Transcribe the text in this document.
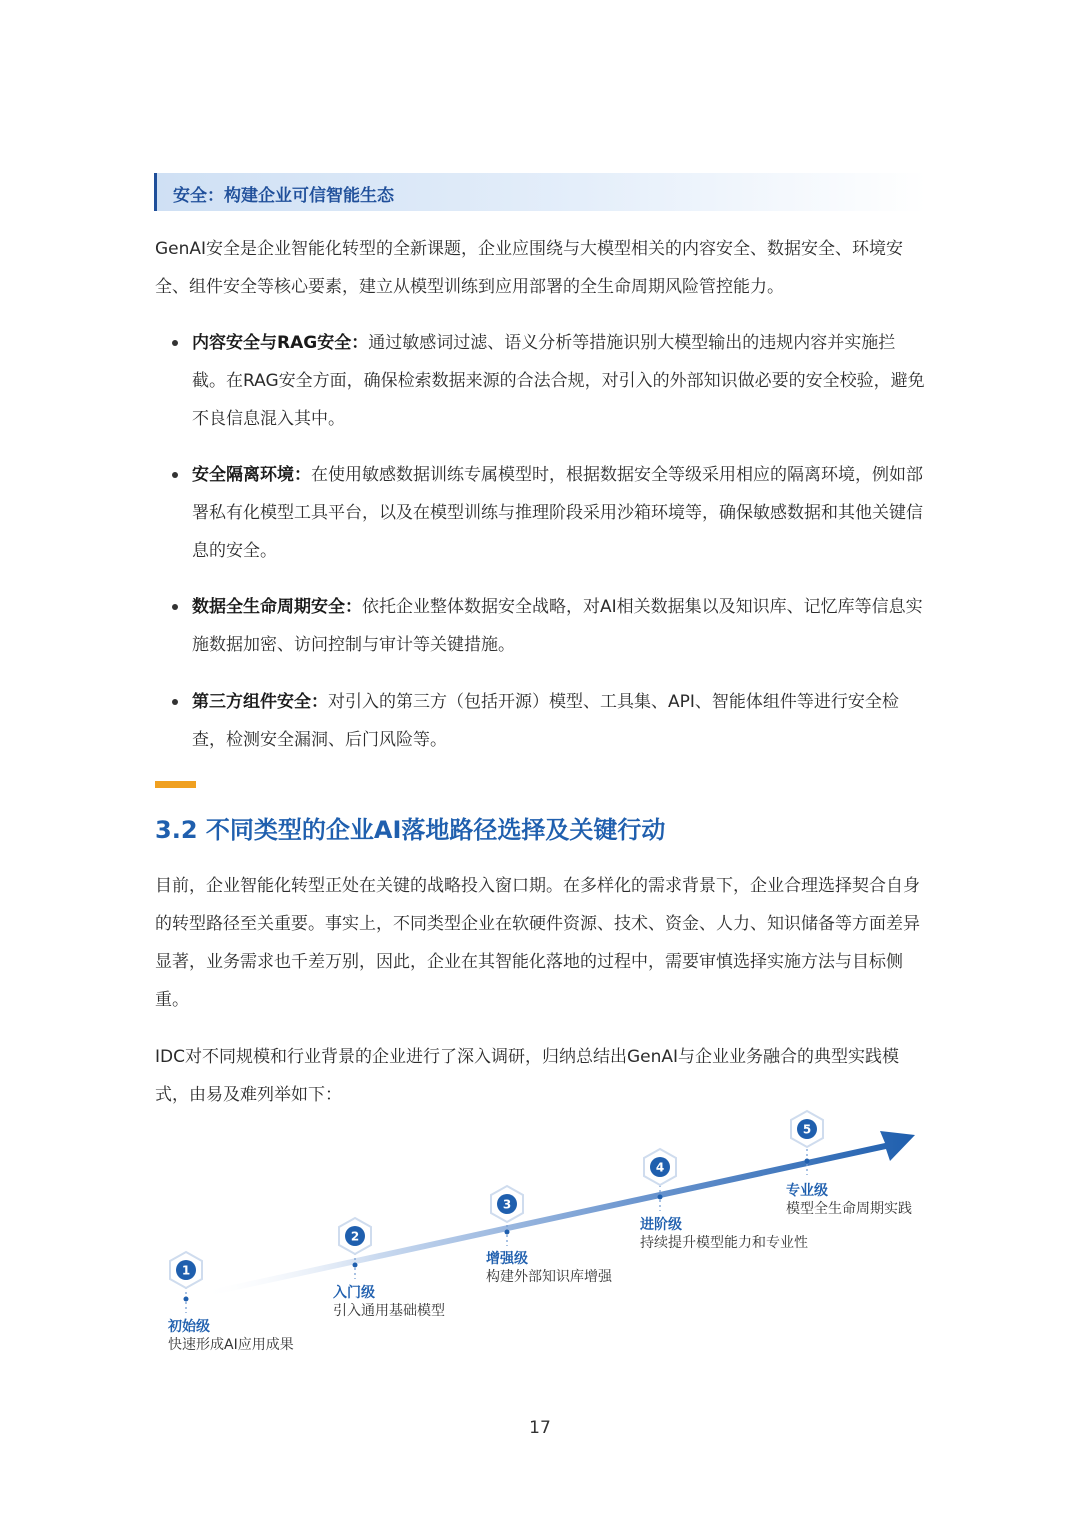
安全：构建企业可信智能生态

GenAI安全是企业智能化转型的全新课题，企业应围绕与大模型相关的内容安全、数据安全、环境安全、组件安全等核心要素，建立从模型训练到应用部署的全生命周期风险管控能力。

内容安全与RAG安全：通过敏感词过滤、语义分析等措施识别大模型输出的违规内容并实施拦截。在RAG安全方面，确保检索数据来源的合法合规，对引入的外部知识做必要的安全校验，避免不良信息混入其中。

安全隔离环境：在使用敏感数据训练专属模型时，根据数据安全等级采用相应的隔离环境，例如部署私有化模型工具平台，以及在模型训练与推理阶段采用沙箱环境等，确保敏感数据和其他关键信息的安全。

数据全生命周期安全：依托企业整体数据安全战略，对AI相关数据集以及知识库、记忆库等信息实施数据加密、访问控制与审计等关键措施。

第三方组件安全：对引入的第三方（包括开源）模型、工具集、API、智能体组件等进行安全检查，检测安全漏洞、后门风险等。

3.2 不同类型的企业AI落地路径选择及关键行动

目前，企业智能化转型正处在关键的战略投入窗口期。在多样化的需求背景下，企业合理选择契合自身的转型路径至关重要。事实上，不同类型企业在软硬件资源、技术、资金、人力、知识储备等方面差异显著，业务需求也千差万别，因此，企业在其智能化落地的过程中，需要审慎选择实施方法与目标侧重。

IDC对不同规模和行业背景的企业进行了深入调研，归纳总结出GenAI与企业业务融合的典型实践模式，由易及难列举如下：

1
初始级
快速形成AI应用成果
2
入门级
引入通用基础模型
3
增强级
构建外部知识库增强
4
进阶级
持续提升模型能力和专业性
5
专业级
模型全生命周期实践
17
